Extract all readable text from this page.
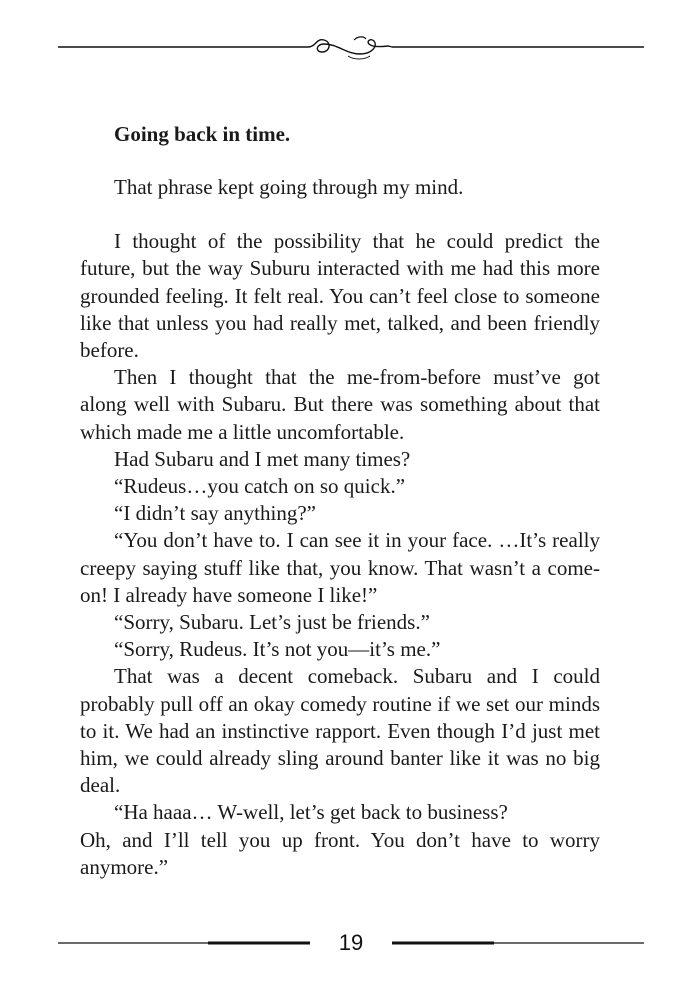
Going back in time.

That phrase kept going through my mind.

I thought of the possibility that he could predict the future, but the way Suburu interacted with me had this more grounded feeling. It felt real. You can’t feel close to someone like that unless you had really met, talked, and been friendly before.

Then I thought that the me-from-before must’ve got along well with Subaru. But there was something about that which made me a little uncomfortable.

Had Subaru and I met many times?

“Rudeus…you catch on so quick.”

“I didn’t say anything?”

“You don’t have to. I can see it in your face. …It’s really creepy saying stuff like that, you know. That wasn’t a come-on! I already have someone I like!”

“Sorry, Subaru. Let’s just be friends.”

“Sorry, Rudeus. It’s not you—it’s me.”

That was a decent comeback. Subaru and I could probably pull off an okay comedy routine if we set our minds to it. We had an instinctive rapport. Even though I’d just met him, we could already sling around banter like it was no big deal.

“Ha haaa… W-well, let’s get back to business?

Oh, and I’ll tell you up front. You don’t have to worry anymore.”

19
